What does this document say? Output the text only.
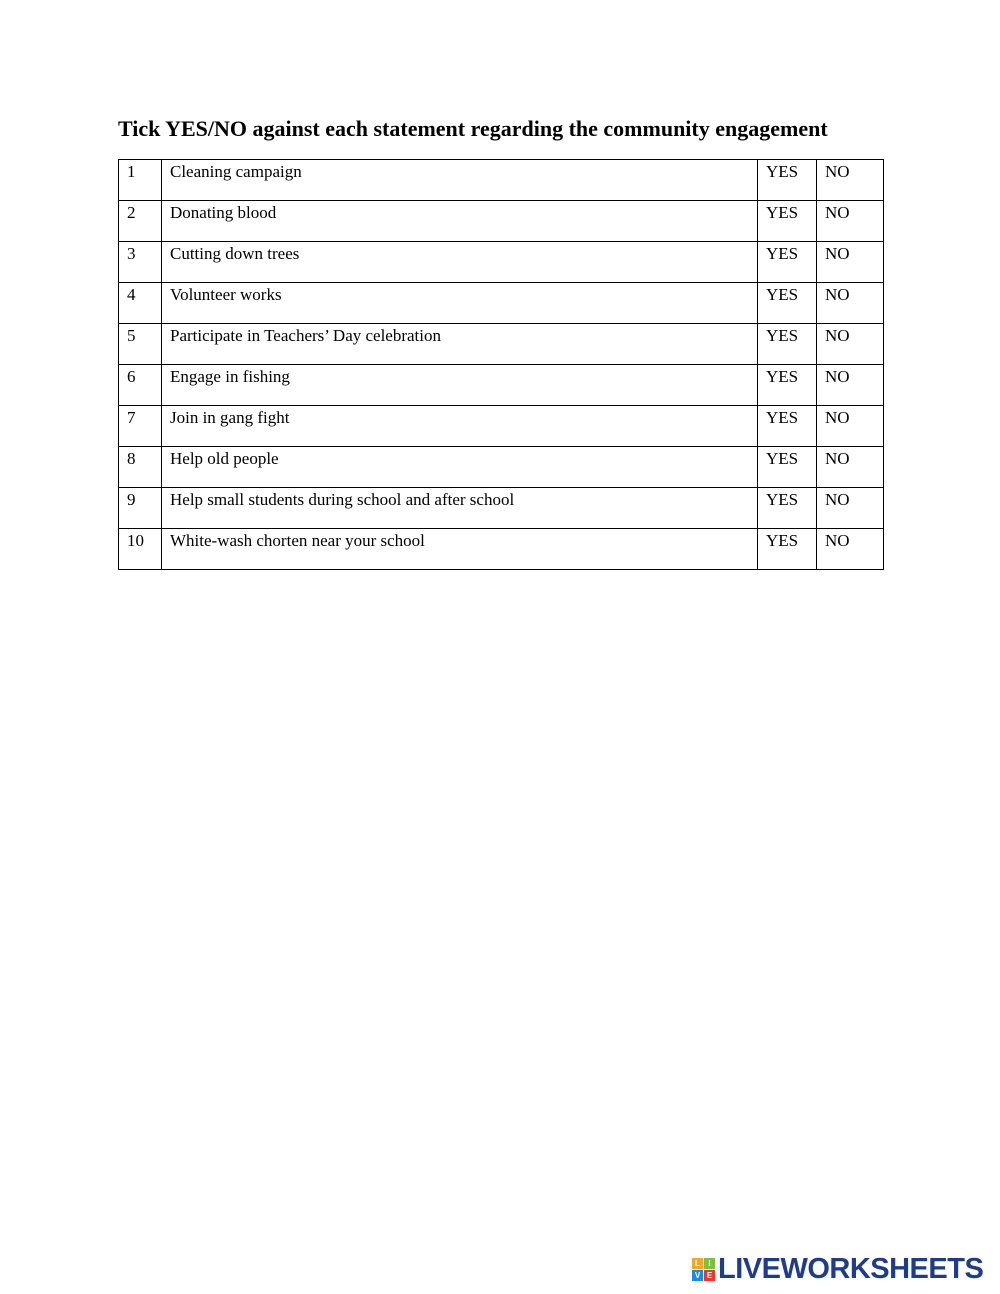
Tick YES/NO against each statement regarding the community engagement
1	Cleaning campaign	YES	NO
2	Donating blood	YES	NO
3	Cutting down trees	YES	NO
4	Volunteer works	YES	NO
5	Participate in Teachers’ Day celebration	YES	NO
6	Engage in fishing	YES	NO
7	Join in gang fight	YES	NO
8	Help old people	YES	NO
9	Help small students during school and after school	YES	NO
10	White-wash chorten near your school	YES	NO
L	I
V E LIVEWORKSHEETS
